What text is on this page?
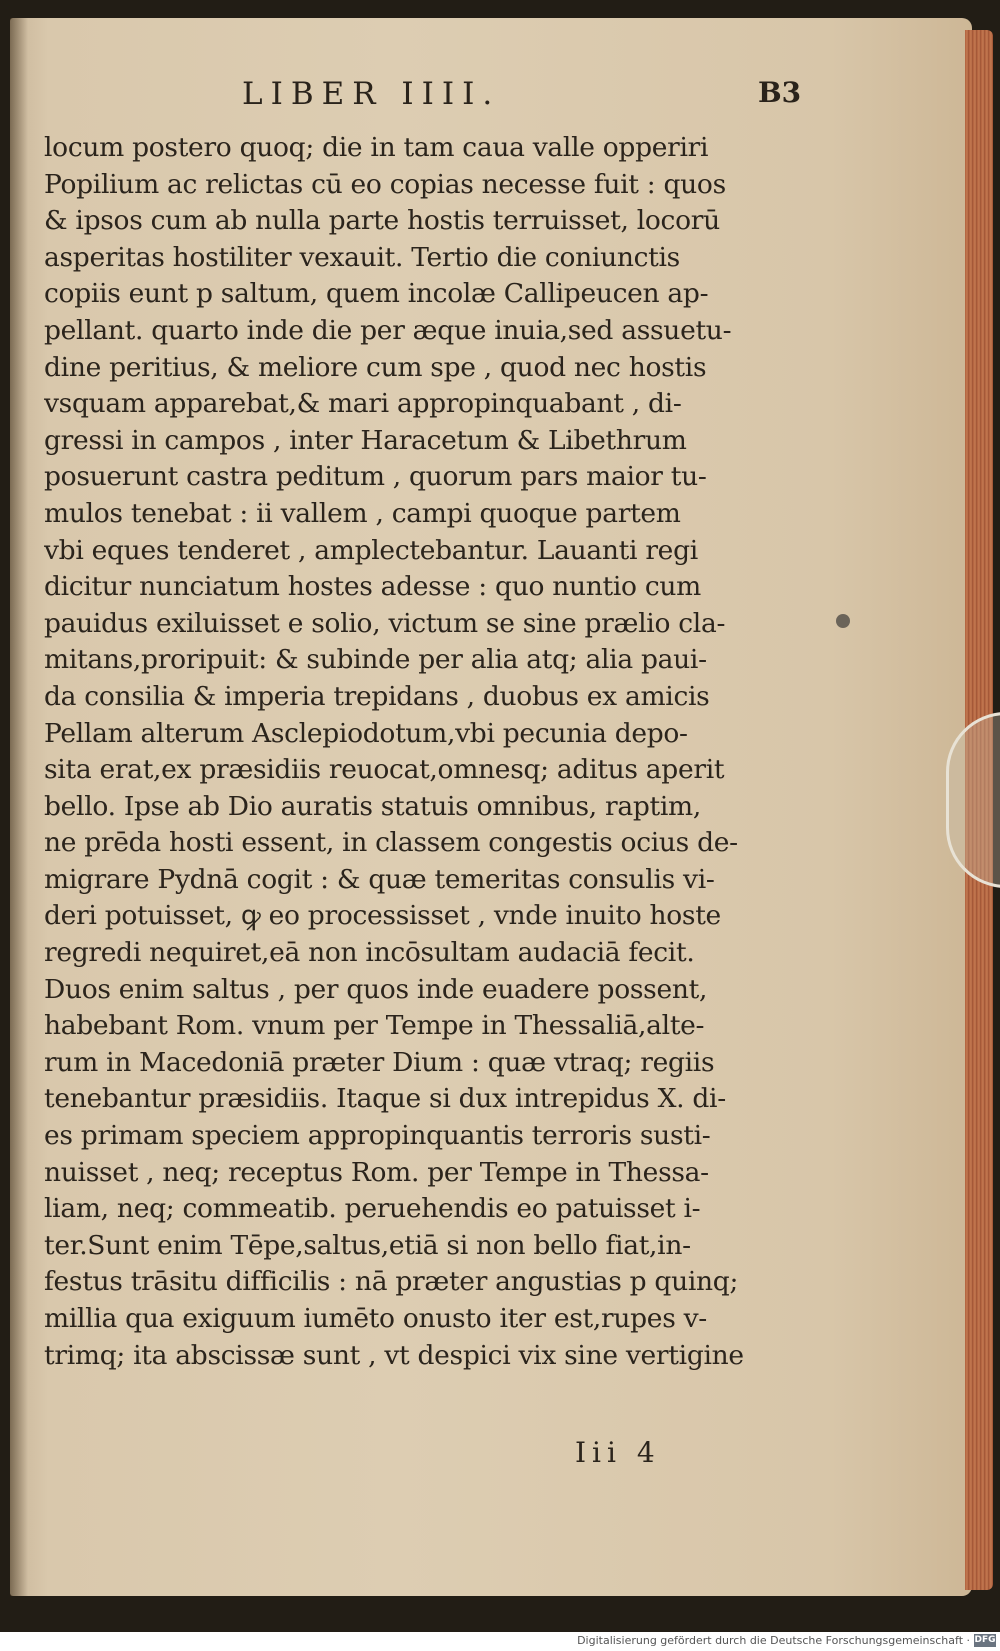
LIBER IIII.	B3
locum postero quoq; die in tam caua valle opperiri
Popilium ac relictas cū eo copias necesse fuit : quos
& ipsos cum ab nulla parte hostis terruisset, locorū
asperitas hostiliter vexauit. Tertio die coniunctis
copiis eunt p saltum, quem incolæ Callipeucen ap-
pellant. quarto inde die per æque inuia,sed assuetu-
dine peritius, & meliore cum spe , quod nec hostis
vsquam apparebat,& mari appropinquabant , di-
gressi in campos , inter Haracetum & Libethrum
posuerunt castra peditum , quorum pars maior tu-
mulos tenebat : ii vallem , campi quoque partem
vbi eques tenderet , amplectebantur. Lauanti regi
dicitur nunciatum hostes adesse : quo nuntio cum
pauidus exiluisset e solio, victum se sine prælio cla-
mitans,proripuit: & subinde per alia atq; alia paui-
da consilia & imperia trepidans , duobus ex amicis
Pellam alterum Asclepiodotum,vbi pecunia depo-
sita erat,ex præsidiis reuocat,omnesq; aditus aperit
bello. Ipse ab Dio auratis statuis omnibus, raptim,
ne prēda hosti essent, in classem congestis ocius de-
migrare Pydnā cogit : & quæ temeritas consulis vi-
deri potuisset, ꝙ eo processisset , vnde inuito hoste
regredi nequiret,eā non incōsultam audaciā fecit.
Duos enim saltus , per quos inde euadere possent,
habebant Rom. vnum per Tempe in Thessaliā,alte-
rum in Macedoniā præter Dium : quæ vtraq; regiis
tenebantur præsidiis. Itaque si dux intrepidus X. di-
es primam speciem appropinquantis terroris susti-
nuisset , neq; receptus Rom. per Tempe in Thessa-
liam, neq; commeatib. peruehendis eo patuisset i-
ter.Sunt enim Tēpe,saltus,etiā si non bello fiat,in-
festus trāsitu difficilis : nā præter angustias p quinq;
millia qua exiguum iumēto onusto iter est,rupes v-
trimq; ita abscissæ sunt , vt despici vix sine vertigine
Iii 4
Digitalisierung gefördert durch die Deutsche Forschungsgemeinschaft · DFG
